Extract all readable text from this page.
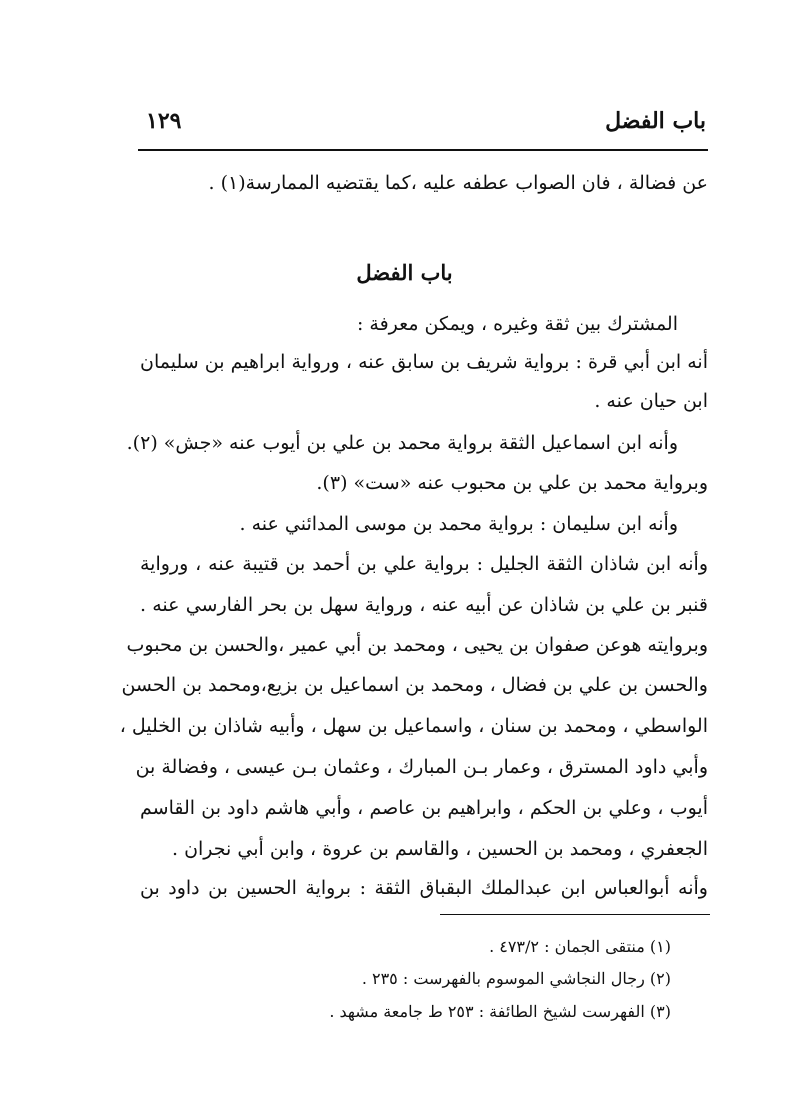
باب الفضل
١٢٩
عن فضالة ، فان الصواب عطفه عليه ،كما يقتضيه الممارسة(١) .
باب الفضل
المشترك بين ثقة وغيره ، ويمكن معرفة :
أنه ابن أبي قرة : برواية شريف بن سابق عنه ، ورواية ابراهيم بن سليمان
ابن حيان عنه .
وأنه ابن اسماعيل الثقة برواية محمد بن علي بن أيوب عنه «جش» (٢).
وبرواية محمد بن علي بن محبوب عنه «ست» (٣).
وأنه ابن سليمان : برواية محمد بن موسى المدائني عنه .
وأنه ابن شاذان الثقة الجليل : برواية علي بن أحمد بن قتيبة عنه ، ورواية
قنبر بن علي بن شاذان عن أبيه عنه ، ورواية سهل بن بحر الفارسي عنه .
وبروايته هوعن صفوان بن يحيى ، ومحمد بن أبي عمير ،والحسن بن محبوب
والحسن بن علي بن فضال ، ومحمد بن اسماعيل بن بزيع،ومحمد بن الحسن
الواسطي ، ومحمد بن سنان ، واسماعيل بن سهل ، وأبيه شاذان بن الخليل ،
وأبي داود المسترق ، وعمار بـن المبارك ، وعثمان بـن عيسى ، وفضالة بن
أيوب ، وعلي بن الحكم ، وابراهيم بن عاصم ، وأبي هاشم داود بن القاسم
الجعفري ، ومحمد بن الحسين ، والقاسم بن عروة ، وابن أبي نجران .
وأنه أبوالعباس ابن عبدالملك البقباق الثقة : برواية الحسين بن داود بن
(١) منتقى الجمان : ٤٧٣/٢ .
(٢) رجال النجاشي الموسوم بالفهرست : ٢٣٥ .
(٣) الفهرست لشيخ الطائفة : ٢٥٣ ط جامعة مشهد .
